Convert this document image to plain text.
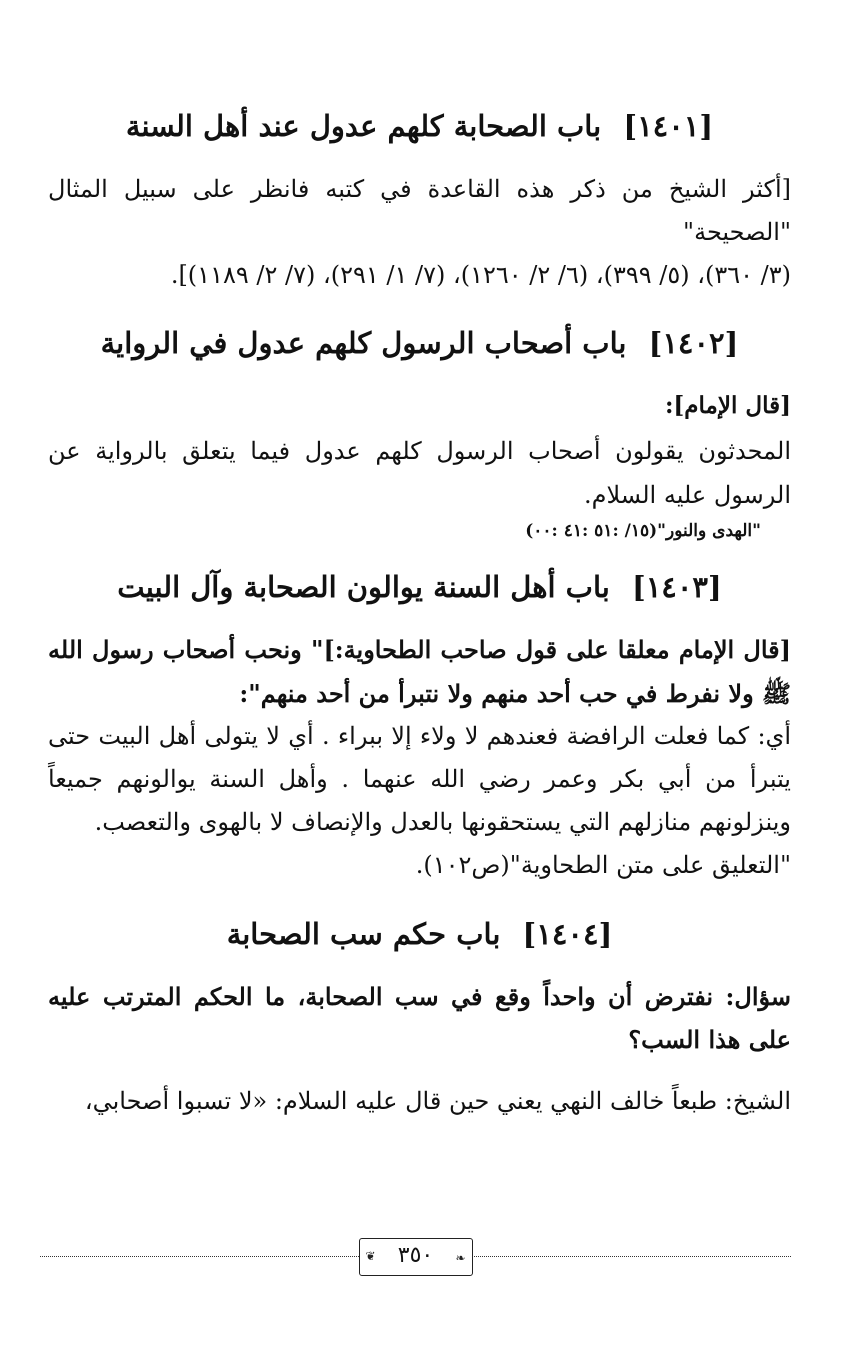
[١٤٠١] باب الصحابة كلهم عدول عند أهل السنة

[أكثر الشيخ من ذكر هذه القاعدة في كتبه فانظر على سبيل المثال "الصحيحة"

(٣/ ٣٦٠)، (٥/ ٣٩٩)، (٦/ ٢/ ١٢٦٠)، (٧/ ١/ ٢٩١)، (٧/ ٢/ ١١٨٩)].

[١٤٠٢] باب أصحاب الرسول كلهم عدول في الرواية

[قال الإمام]:

المحدثون يقولون أصحاب الرسول كلهم عدول فيما يتعلق بالرواية عن الرسول عليه السلام.

"الهدى والنور"(١٥/ :٥١ :٤١ :٠٠)

[١٤٠٣] باب أهل السنة يوالون الصحابة وآل البيت

[قال الإمام معلقا على قول صاحب الطحاوية:]" ونحب أصحاب رسول الله ﷺ ولا نفرط في حب أحد منهم ولا نتبرأ من أحد منهم":

أي: كما فعلت الرافضة فعندهم لا ولاء إلا ببراء . أي لا يتولى أهل البيت حتى يتبرأ من أبي بكر وعمر رضي الله عنهما . وأهل السنة يوالونهم جميعاً وينزلونهم منازلهم التي يستحقونها بالعدل والإنصاف لا بالهوى والتعصب.

"التعليق على متن الطحاوية"(ص١٠٢).

[١٤٠٤] باب حكم سب الصحابة

سؤال: نفترض أن واحداً وقع في سب الصحابة، ما الحكم المترتب عليه على هذا السب؟

الشيخ: طبعاً خالف النهي يعني حين قال عليه السلام: «لا تسبوا أصحابي،

❧
٣٥٠
❦
